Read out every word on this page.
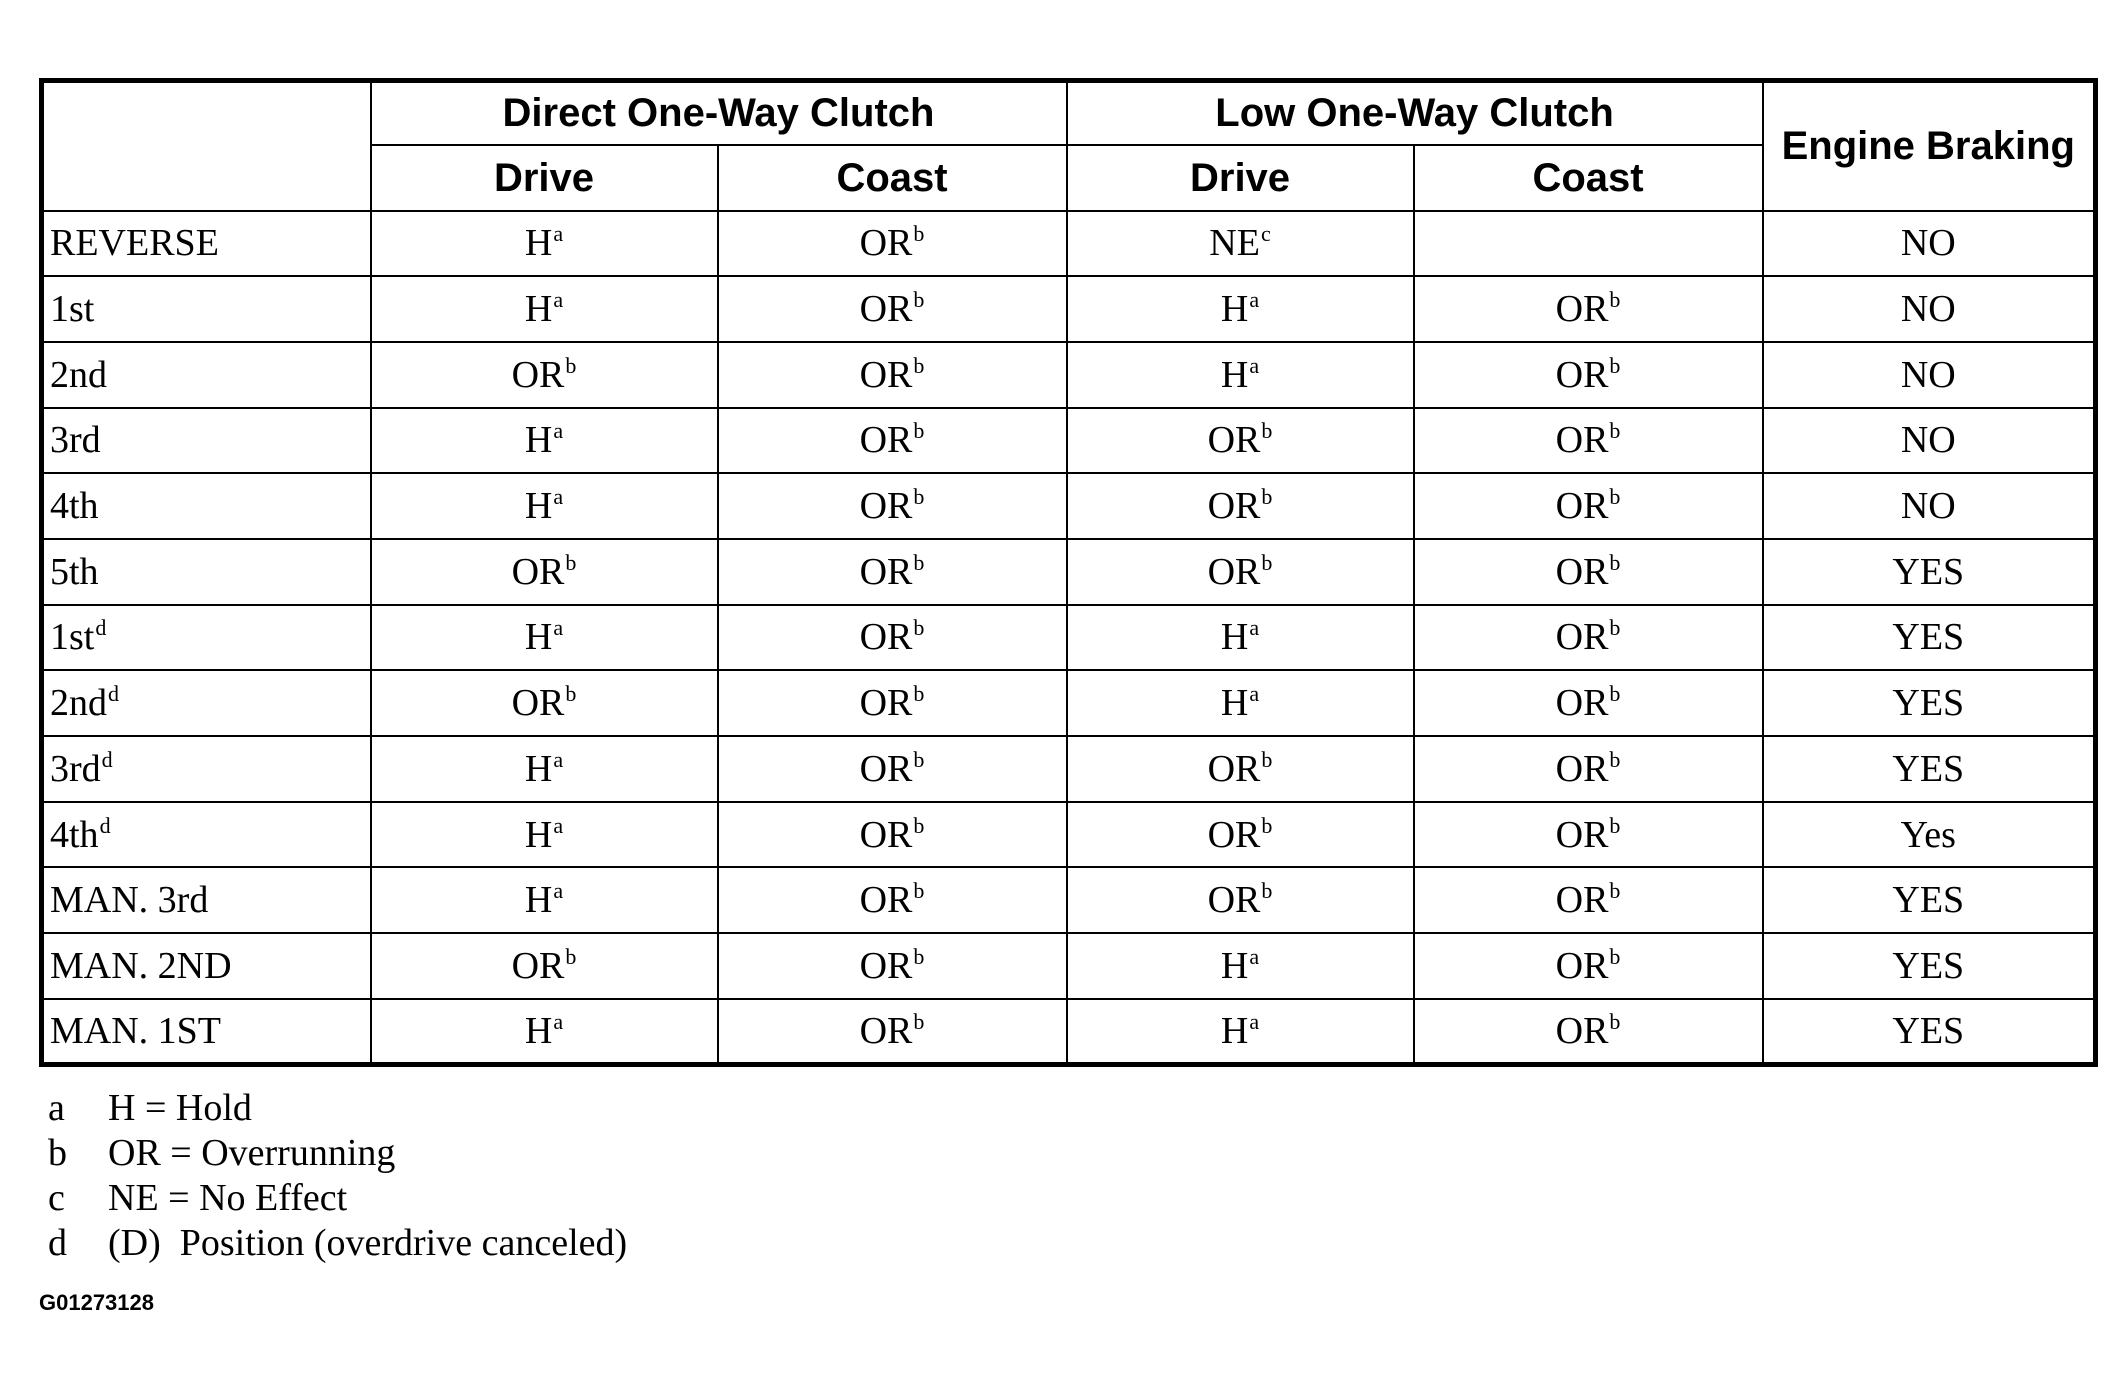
	Direct One-Way Clutch		Low One-Way Clutch		Engine Braking
	Drive	Coast	Drive	Coast	
REVERSE	$H^a$	$OR^b$	$NE^c$		NO
1st	$H^a$	$OR^b$	$H^a$	$OR^b$	NO
2nd	$OR^b$	$OR^b$	$H^a$	$OR^b$	NO
3rd	$H^a$	$OR^b$	$OR^b$	$OR^b$	NO
4th	$H^a$	$OR^b$	$OR^b$	$OR^b$	NO
5th	$OR^b$	$OR^b$	$OR^b$	$OR^b$	YES
$1st^d$	$H^a$	$OR^b$	$H^a$	$OR^b$	YES
$2nd^d$	$OR^b$	$OR^b$	$H^a$	$OR^b$	YES
$3rd^d$	$H^a$	$OR^b$	$OR^b$	$OR^b$	YES
$4th^d$	$H^a$	$OR^b$	$OR^b$	$OR^b$	Yes
MAN. 3rd	$H^a$	$OR^b$	$OR^b$	$OR^b$	YES
MAN. 2ND	$OR^b$	$OR^b$	$H^a$	$OR^b$	YES
MAN. 1ST	$H^a$	$OR^b$	$H^a$	$OR^b$	YES
a H = Hold
b OR = Overrunning
c NE = No Effect
d (D)  Position (overdrive canceled)
G01273128
